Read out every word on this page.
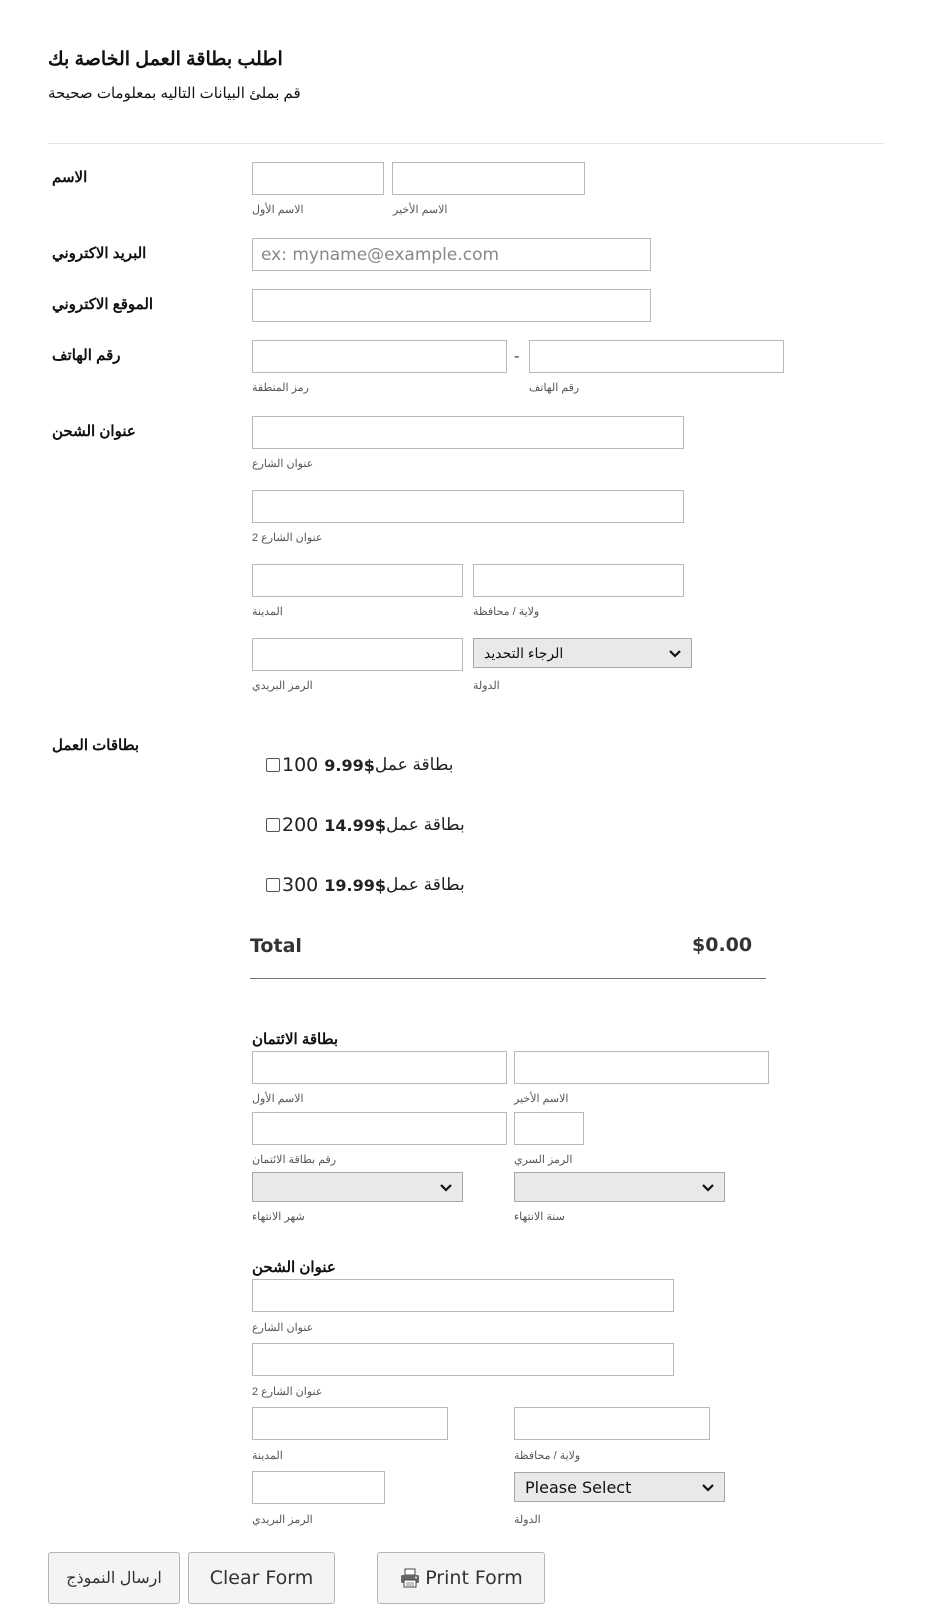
اطلب بطاقة العمل الخاصة بك
قم بملئ البيانات التاليه بمعلومات صحيحة
الاسم
الاسم الأول	الاسم الأخير
البريد الاكتروني
ex: myname@example.com
الموقع الاكتروني
رقم الهاتف	-
رمز المنطقة	رقم الهاتف
عنوان الشحن
عنوان الشارع
عنوان الشارع 2
المدينة	ولاية / محافظة
الرجاء التحديد
الرمز البريدي	الدولة
بطاقات العمل
100 9.99$ بطاقة عمل
200 14.99$ بطاقة عمل
300 19.99$ بطاقة عمل
Total	$0.00
بطاقة الائتمان
الاسم الأول	الاسم الأخير
رقم بطاقة الائتمان	الرمز السري
شهر الانتهاء	سنة الانتهاء
عنوان الشحن
عنوان الشارع
عنوان الشارع 2
المدينة	ولاية / محافظة
Please Select
الرمز البريدي	الدولة
ارسال النموذج	Clear Form	Print Form
